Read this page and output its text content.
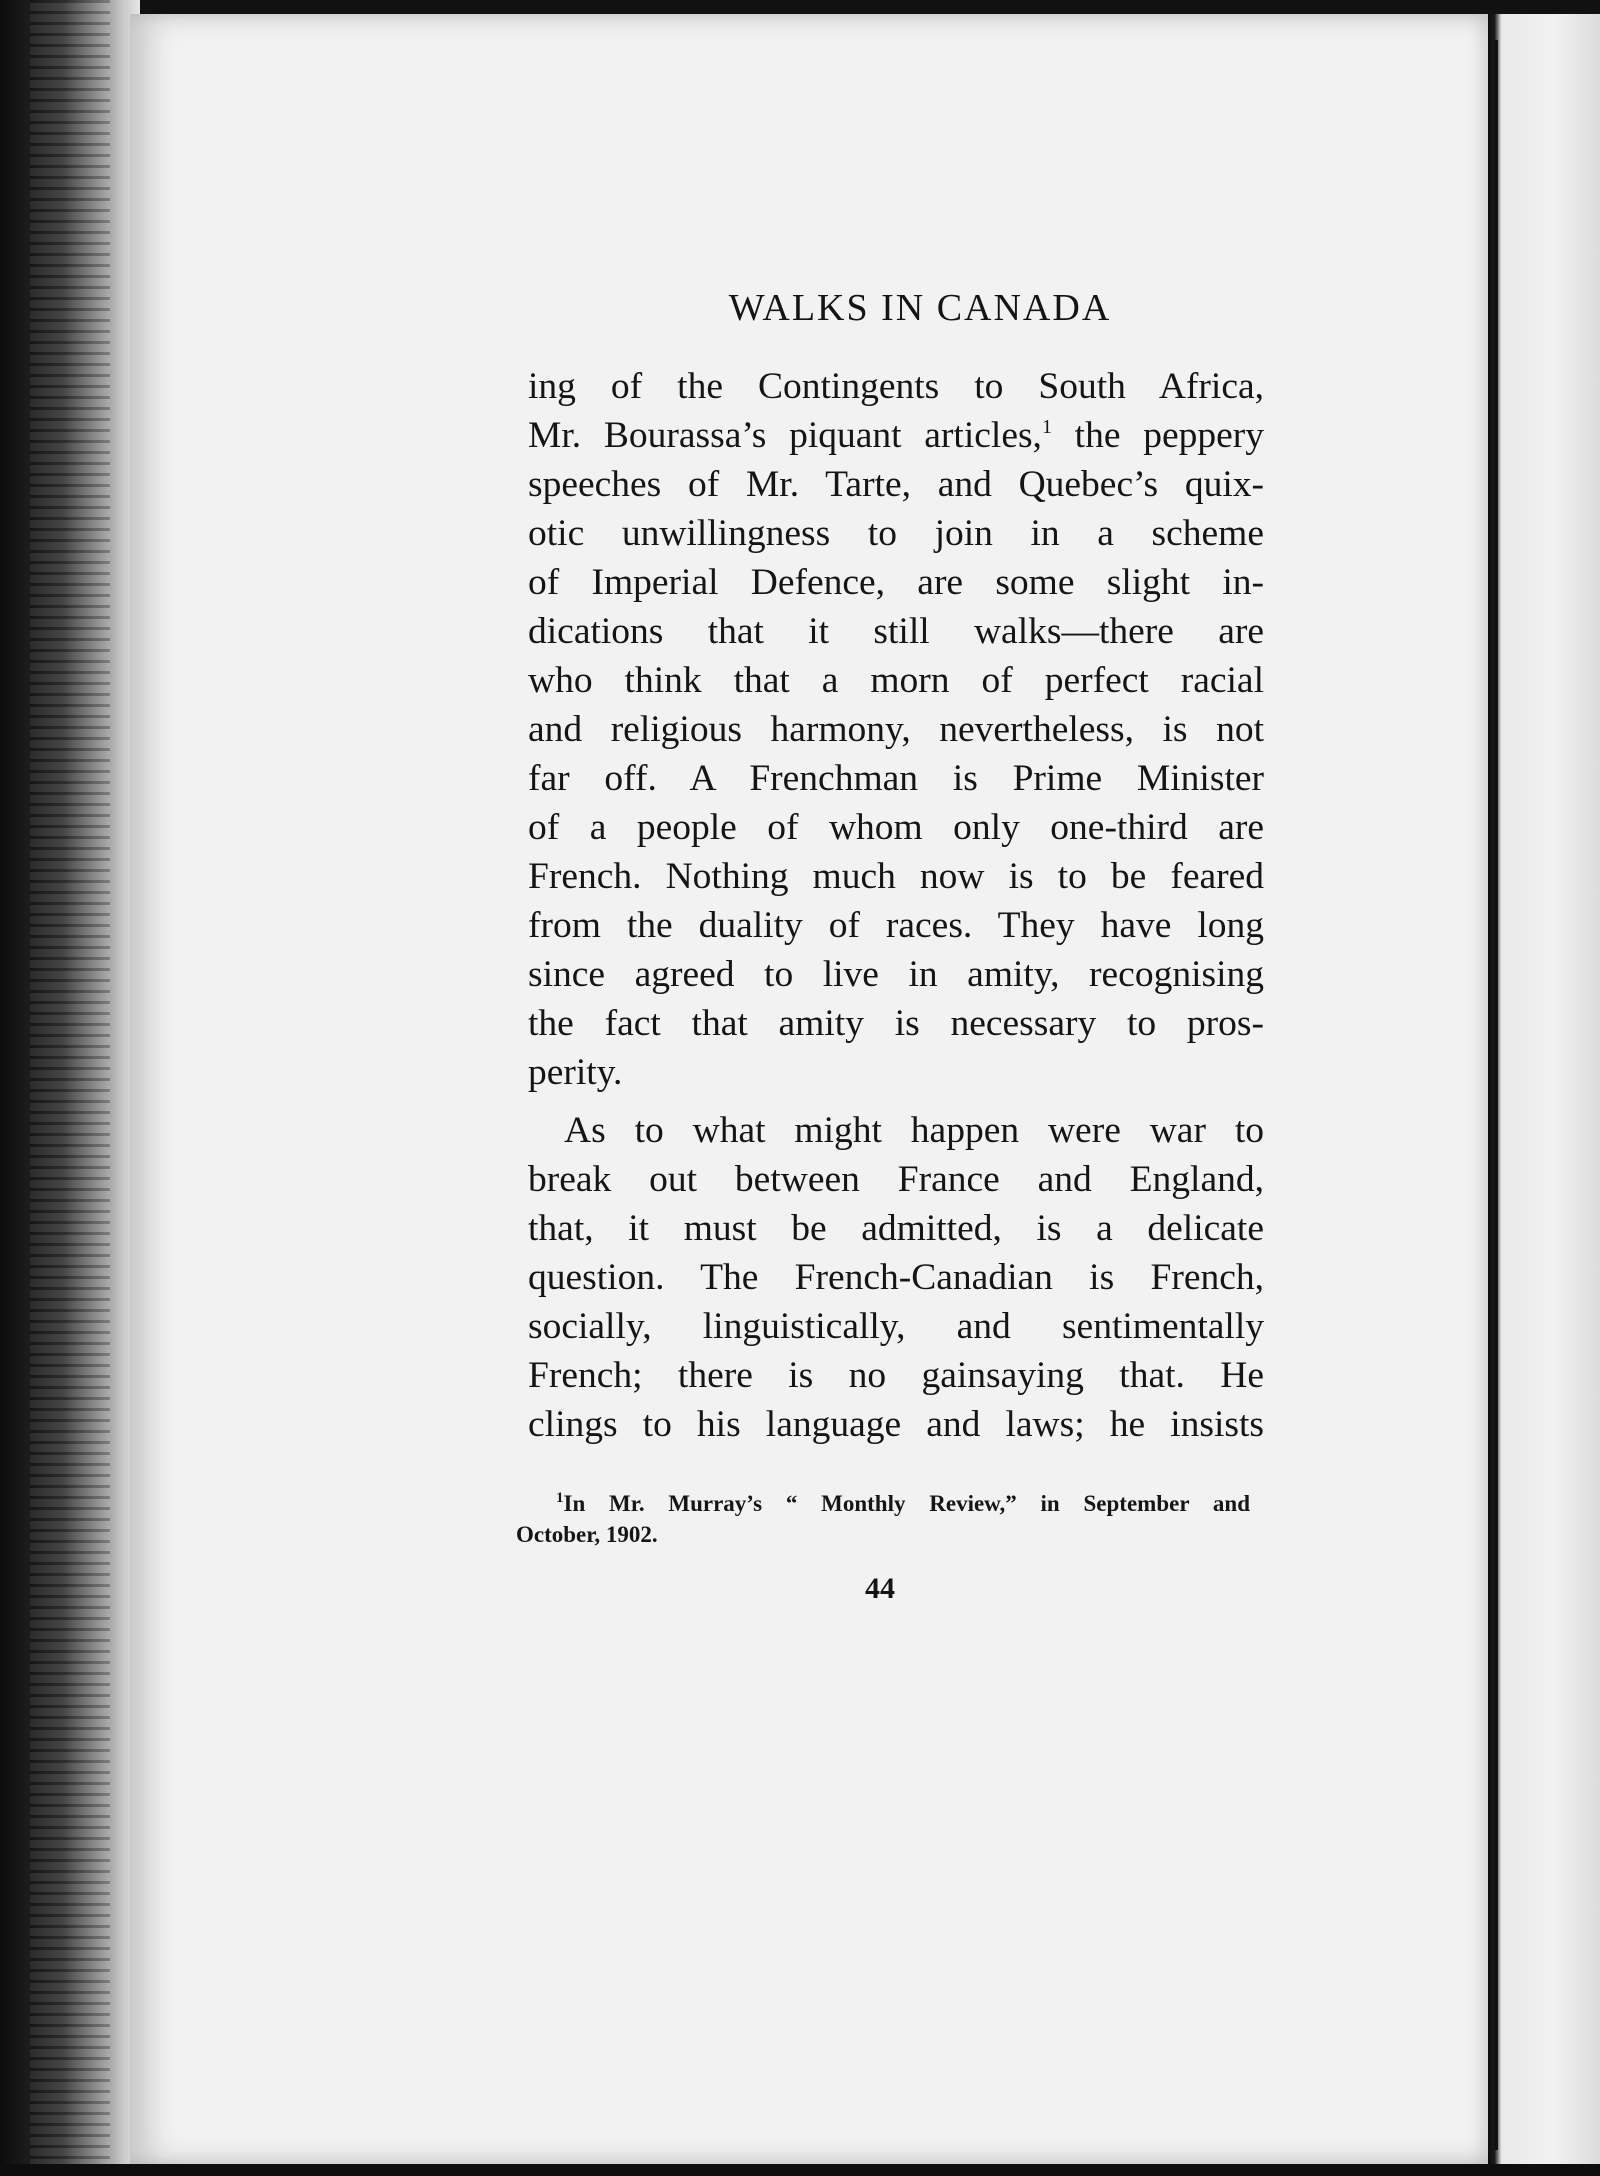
WALKS IN CANADA
ing of the Contingents to South Africa,
Mr. Bourassa’s piquant articles,$^1$ the peppery
speeches of Mr. Tarte, and Quebec’s quix-
otic unwillingness to join in a scheme
of Imperial Defence, are some slight in-
dications that it still walks—there are
who think that a morn of perfect racial
and religious harmony, nevertheless, is not
far off. A Frenchman is Prime Minister
of a people of whom only one-third are
French. Nothing much now is to be feared
from the duality of races. They have long
since agreed to live in amity, recognising
the fact that amity is necessary to pros-
perity.
As to what might happen were war to
break out between France and England,
that, it must be admitted, is a delicate
question. The French-Canadian is French,
socially, linguistically, and sentimentally
French; there is no gainsaying that. He
clings to his language and laws; he insists
$^1$In Mr. Murray’s “ Monthly Review,” in September and
October, 1902.
44
